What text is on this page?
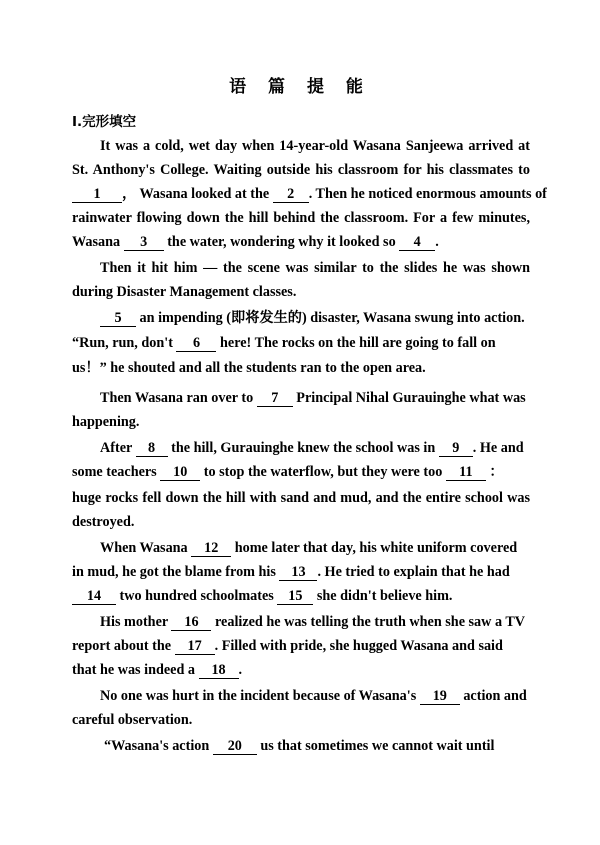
语 篇 提 能
Ⅰ.完形填空
It was a cold, wet day when 14-year-old Wasana Sanjeewa arrived at
St. Anthony's College. Waiting outside his classroom for his classmates to
1 ， Wasana looked at the 2 . Then he noticed enormous amounts of
rainwater flowing down the hill behind the classroom. For a few minutes,
Wasana 3 the water, wondering why it looked so 4 .
Then it hit him — the scene was similar to the slides he was shown
during Disaster Management classes.
5 an impending (即将发生的) disaster, Wasana swung into action.
“Run, run, don't 6 here! The rocks on the hill are going to fall on
us！” he shouted and all the students ran to the open area.
Then Wasana ran over to 7 Principal Nihal Gurauinghe what was
happening.
After 8 the hill, Gurauinghe knew the school was in 9 . He and
some teachers 10 to stop the waterflow, but they were too 11 ：
huge rocks fell down the hill with sand and mud, and the entire school was
destroyed.
When Wasana 12 home later that day, his white uniform covered
in mud, he got the blame from his 13 . He tried to explain that he had
14 two hundred schoolmates 15 she didn't believe him.
His mother 16 realized he was telling the truth when she saw a TV
report about the 17 . Filled with pride, she hugged Wasana and said
that he was indeed a 18 .
No one was hurt in the incident because of Wasana's 19 action and
careful observation.
“Wasana's action 20 us that sometimes we cannot wait until
